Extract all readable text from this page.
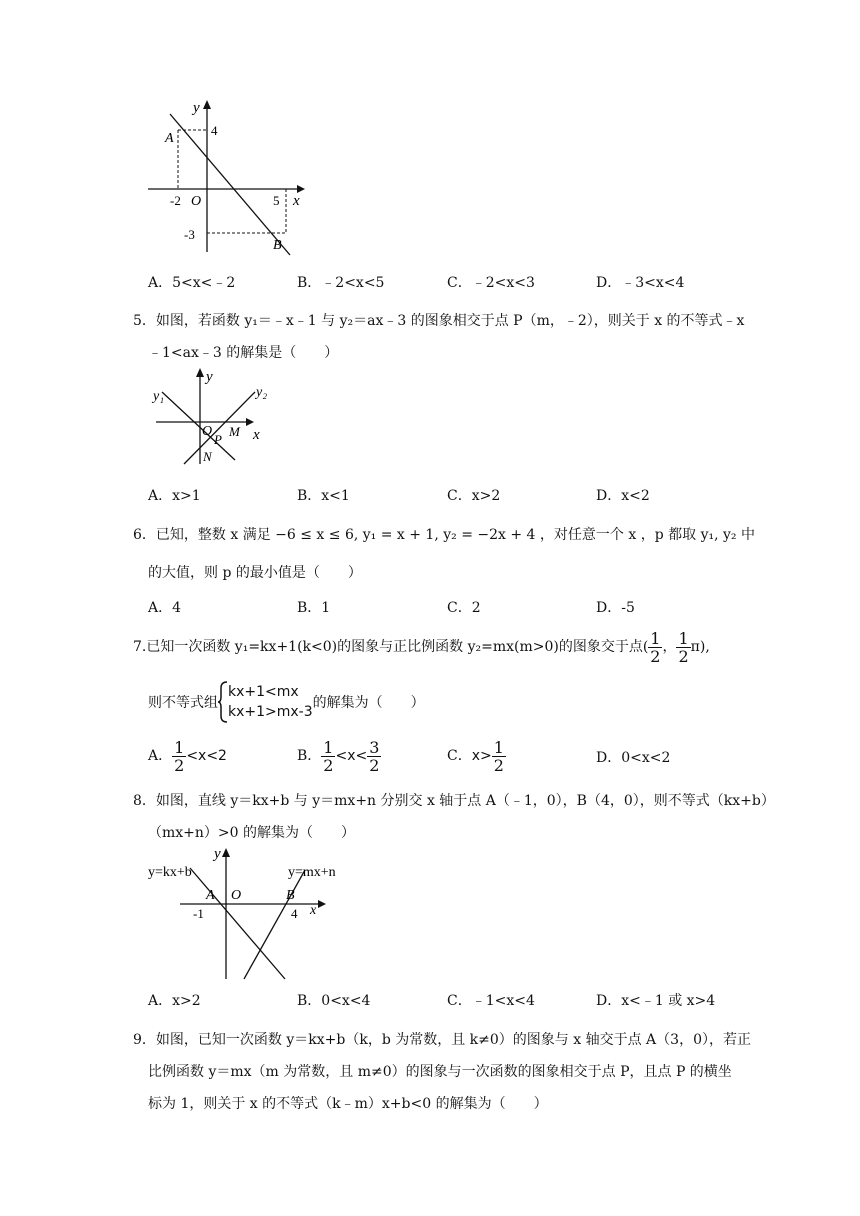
y
x
O
A
B
4
-2	5
-3
A．5<x<﹣2	B．﹣2<x<5	C．﹣2<x<3	D．﹣3<x<4
5．如图，若函数 y₁＝﹣x﹣1 与 y₂＝ax﹣3 的图象相交于点 P（m，﹣2），则关于 x 的不等式﹣x
﹣1<ax﹣3 的解集是（　　）
y
x
y₁	y₂
O
P
M
N
A．x>1	B．x<1	C．x>2	D．x<2
6．已知，整数 x 满足 −6 ≤ x ≤ 6, y₁ = x + 1, y₂ = −2x + 4 ，对任意一个 x ，p 都取 y₁, y₂ 中
的大值，则 p 的最小值是（　　）
A．4	B．1	C．2	D．-5
7.已知一次函数 y₁=kx+1(k<0)的图象与正比例函数 y₂=mx(m>0)的图象交于点( $\frac{1}{2}$ ， $\frac{1}{2} \pi$),
则不等式组
kx+1<mx
kx+1>mx-3
的解集为（　　）
A． $\frac{1}{2} <x<2$	B． $\frac{1}{2} <x< \frac{3}{2}$	C．$x> \frac{1}{2}$	D．0<x<2
8．如图，直线 y＝kx+b 与 y＝mx+n 分别交 x 轴于点 A（﹣1，0），B（4，0），则不等式（kx+b）
（mx+n）>0 的解集为（　　）
y
x
y=kx+b	y=mx+n
A O	B
-1	4
A．x>2	B．0<x<4	C．﹣1<x<4	D．x<﹣1 或 x>4
9．如图，已知一次函数 y＝kx+b（k，b 为常数，且 k≠0）的图象与 x 轴交于点 A（3，0），若正
比例函数 y＝mx（m 为常数，且 m≠0）的图象与一次函数的图象相交于点 P，且点 P 的横坐
标为 1，则关于 x 的不等式（k﹣m）x+b<0 的解集为（　　）
